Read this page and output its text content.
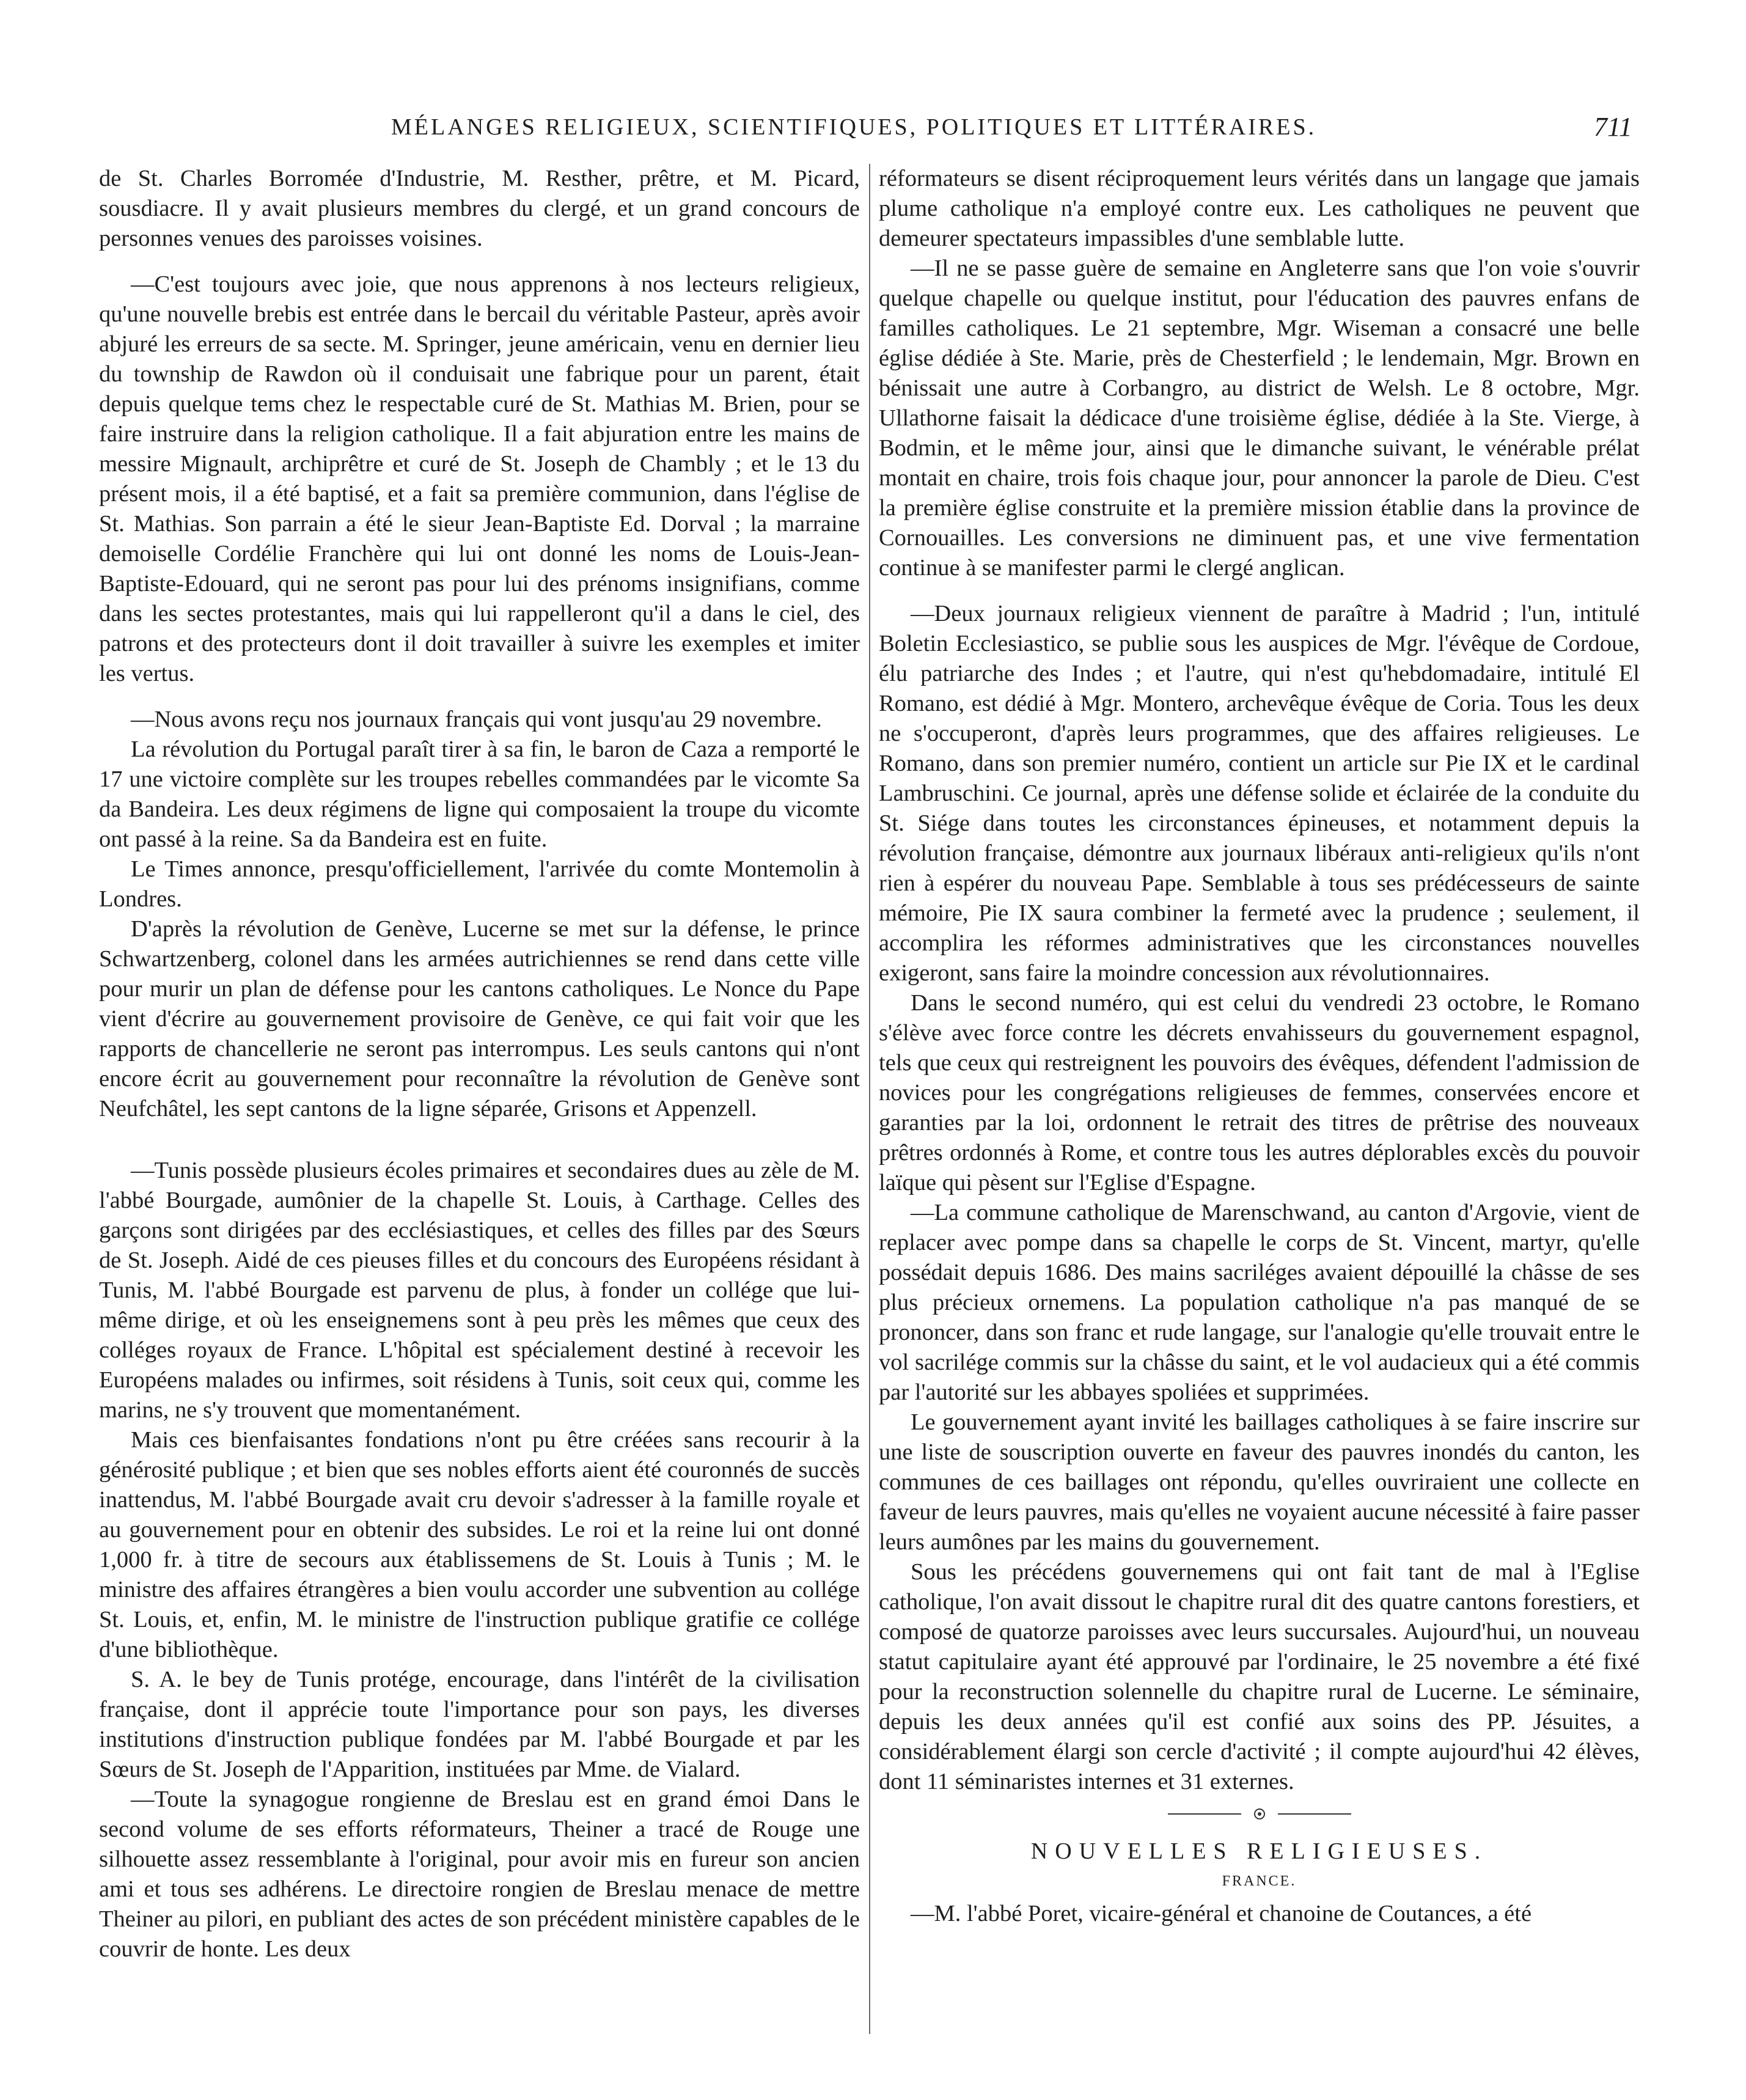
MÉLANGES RELIGIEUX, SCIENTIFIQUES, POLITIQUES ET LITTÉRAIRES.	711

de St. Charles Borromée d'Industrie, M. Resther, prêtre, et M. Picard, sousdiacre. Il y avait plusieurs membres du clergé, et un grand concours de personnes venues des paroisses voisines.

—C'est toujours avec joie, que nous apprenons à nos lecteurs religieux, qu'une nouvelle brebis est entrée dans le bercail du véritable Pasteur, après avoir abjuré les erreurs de sa secte. M. Springer, jeune américain, venu en dernier lieu du township de Rawdon où il conduisait une fabrique pour un parent, était depuis quelque tems chez le respectable curé de St. Mathias M. Brien, pour se faire instruire dans la religion catholique. Il a fait abjuration entre les mains de messire Mignault, archiprêtre et curé de St. Joseph de Chambly ; et le 13 du présent mois, il a été baptisé, et a fait sa première communion, dans l'église de St. Mathias. Son parrain a été le sieur Jean-Baptiste Ed. Dorval ; la marraine demoiselle Cordélie Franchère qui lui ont donné les noms de Louis-Jean-Baptiste-Edouard, qui ne seront pas pour lui des prénoms insignifians, comme dans les sectes protestantes, mais qui lui rappelleront qu'il a dans le ciel, des patrons et des protecteurs dont il doit travailler à suivre les exemples et imiter les vertus.

—Nous avons reçu nos journaux français qui vont jusqu'au 29 novembre.

La révolution du Portugal paraît tirer à sa fin, le baron de Caza a remporté le 17 une victoire complète sur les troupes rebelles commandées par le vicomte Sa da Bandeira. Les deux régimens de ligne qui composaient la troupe du vicomte ont passé à la reine. Sa da Bandeira est en fuite.

Le Times annonce, presqu'officiellement, l'arrivée du comte Montemolin à Londres.

D'après la révolution de Genève, Lucerne se met sur la défense, le prince Schwartzenberg, colonel dans les armées autrichiennes se rend dans cette ville pour murir un plan de défense pour les cantons catholiques. Le Nonce du Pape vient d'écrire au gouvernement provisoire de Genève, ce qui fait voir que les rapports de chancellerie ne seront pas interrompus. Les seuls cantons qui n'ont encore écrit au gouvernement pour reconnaître la révolution de Genève sont Neufchâtel, les sept cantons de la ligne séparée, Grisons et Appenzell.

—Tunis possède plusieurs écoles primaires et secondaires dues au zèle de M. l'abbé Bourgade, aumônier de la chapelle St. Louis, à Carthage. Celles des garçons sont dirigées par des ecclésiastiques, et celles des filles par des Sœurs de St. Joseph. Aidé de ces pieuses filles et du concours des Européens résidant à Tunis, M. l'abbé Bourgade est parvenu de plus, à fonder un collége que lui-même dirige, et où les enseignemens sont à peu près les mêmes que ceux des colléges royaux de France. L'hôpital est spécialement destiné à recevoir les Européens malades ou infirmes, soit résidens à Tunis, soit ceux qui, comme les marins, ne s'y trouvent que momentanément.

Mais ces bienfaisantes fondations n'ont pu être créées sans recourir à la générosité publique ; et bien que ses nobles efforts aient été couronnés de succès inattendus, M. l'abbé Bourgade avait cru devoir s'adresser à la famille royale et au gouvernement pour en obtenir des subsides. Le roi et la reine lui ont donné 1,000 fr. à titre de secours aux établissemens de St. Louis à Tunis ; M. le ministre des affaires étrangères a bien voulu accorder une subvention au collége St. Louis, et, enfin, M. le ministre de l'instruction publique gratifie ce collége d'une bibliothèque.

S. A. le bey de Tunis protége, encourage, dans l'intérêt de la civilisation française, dont il apprécie toute l'importance pour son pays, les diverses institutions d'instruction publique fondées par M. l'abbé Bourgade et par les Sœurs de St. Joseph de l'Apparition, instituées par Mme. de Vialard.

—Toute la synagogue rongienne de Breslau est en grand émoi Dans le second volume de ses efforts réformateurs, Theiner a tracé de Rouge une silhouette assez ressemblante à l'original, pour avoir mis en fureur son ancien ami et tous ses adhérens. Le directoire rongien de Breslau menace de mettre Theiner au pilori, en publiant des actes de son précédent ministère capables de le couvrir de honte. Les deux

réformateurs se disent réciproquement leurs vérités dans un langage que jamais plume catholique n'a employé contre eux. Les catholiques ne peuvent que demeurer spectateurs impassibles d'une semblable lutte.

—Il ne se passe guère de semaine en Angleterre sans que l'on voie s'ouvrir quelque chapelle ou quelque institut, pour l'éducation des pauvres enfans de familles catholiques. Le 21 septembre, Mgr. Wiseman a consacré une belle église dédiée à Ste. Marie, près de Chesterfield ; le lendemain, Mgr. Brown en bénissait une autre à Corbangro, au district de Welsh. Le 8 octobre, Mgr. Ullathorne faisait la dédicace d'une troisième église, dédiée à la Ste. Vierge, à Bodmin, et le même jour, ainsi que le dimanche suivant, le vénérable prélat montait en chaire, trois fois chaque jour, pour annoncer la parole de Dieu. C'est la première église construite et la première mission établie dans la province de Cornouailles. Les conversions ne diminuent pas, et une vive fermentation continue à se manifester parmi le clergé anglican.

—Deux journaux religieux viennent de paraître à Madrid ; l'un, intitulé Boletin Ecclesiastico, se publie sous les auspices de Mgr. l'évêque de Cordoue, élu patriarche des Indes ; et l'autre, qui n'est qu'hebdomadaire, intitulé El Romano, est dédié à Mgr. Montero, archevêque évêque de Coria. Tous les deux ne s'occuperont, d'après leurs programmes, que des affaires religieuses. Le Romano, dans son premier numéro, contient un article sur Pie IX et le cardinal Lambruschini. Ce journal, après une défense solide et éclairée de la conduite du St. Siége dans toutes les circonstances épineuses, et notamment depuis la révolution française, démontre aux journaux libéraux anti-religieux qu'ils n'ont rien à espérer du nouveau Pape. Semblable à tous ses prédécesseurs de sainte mémoire, Pie IX saura combiner la fermeté avec la prudence ; seulement, il accomplira les réformes administratives que les circonstances nouvelles exigeront, sans faire la moindre concession aux révolutionnaires.

Dans le second numéro, qui est celui du vendredi 23 octobre, le Romano s'élève avec force contre les décrets envahisseurs du gouvernement espagnol, tels que ceux qui restreignent les pouvoirs des évêques, défendent l'admission de novices pour les congrégations religieuses de femmes, conservées encore et garanties par la loi, ordonnent le retrait des titres de prêtrise des nouveaux prêtres ordonnés à Rome, et contre tous les autres déplorables excès du pouvoir laïque qui pèsent sur l'Eglise d'Espagne.

—La commune catholique de Marenschwand, au canton d'Argovie, vient de replacer avec pompe dans sa chapelle le corps de St. Vincent, martyr, qu'elle possédait depuis 1686. Des mains sacriléges avaient dépouillé la châsse de ses plus précieux ornemens. La population catholique n'a pas manqué de se prononcer, dans son franc et rude langage, sur l'analogie qu'elle trouvait entre le vol sacrilége commis sur la châsse du saint, et le vol audacieux qui a été commis par l'autorité sur les abbayes spoliées et supprimées.

Le gouvernement ayant invité les baillages catholiques à se faire inscrire sur une liste de souscription ouverte en faveur des pauvres inondés du canton, les communes de ces baillages ont répondu, qu'elles ouvriraient une collecte en faveur de leurs pauvres, mais qu'elles ne voyaient aucune nécessité à faire passer leurs aumônes par les mains du gouvernement.

Sous les précédens gouvernemens qui ont fait tant de mal à l'Eglise catholique, l'on avait dissout le chapitre rural dit des quatre cantons forestiers, et composé de quatorze paroisses avec leurs succursales. Aujourd'hui, un nouveau statut capitulaire ayant été approuvé par l'ordinaire, le 25 novembre a été fixé pour la reconstruction solennelle du chapitre rural de Lucerne. Le séminaire, depuis les deux années qu'il est confié aux soins des PP. Jésuites, a considérablement élargi son cercle d'activité ; il compte aujourd'hui 42 élèves, dont 11 séminaristes internes et 31 externes.

NOUVELLES RELIGIEUSES.
FRANCE.

—M. l'abbé Poret, vicaire-général et chanoine de Coutances, a été
